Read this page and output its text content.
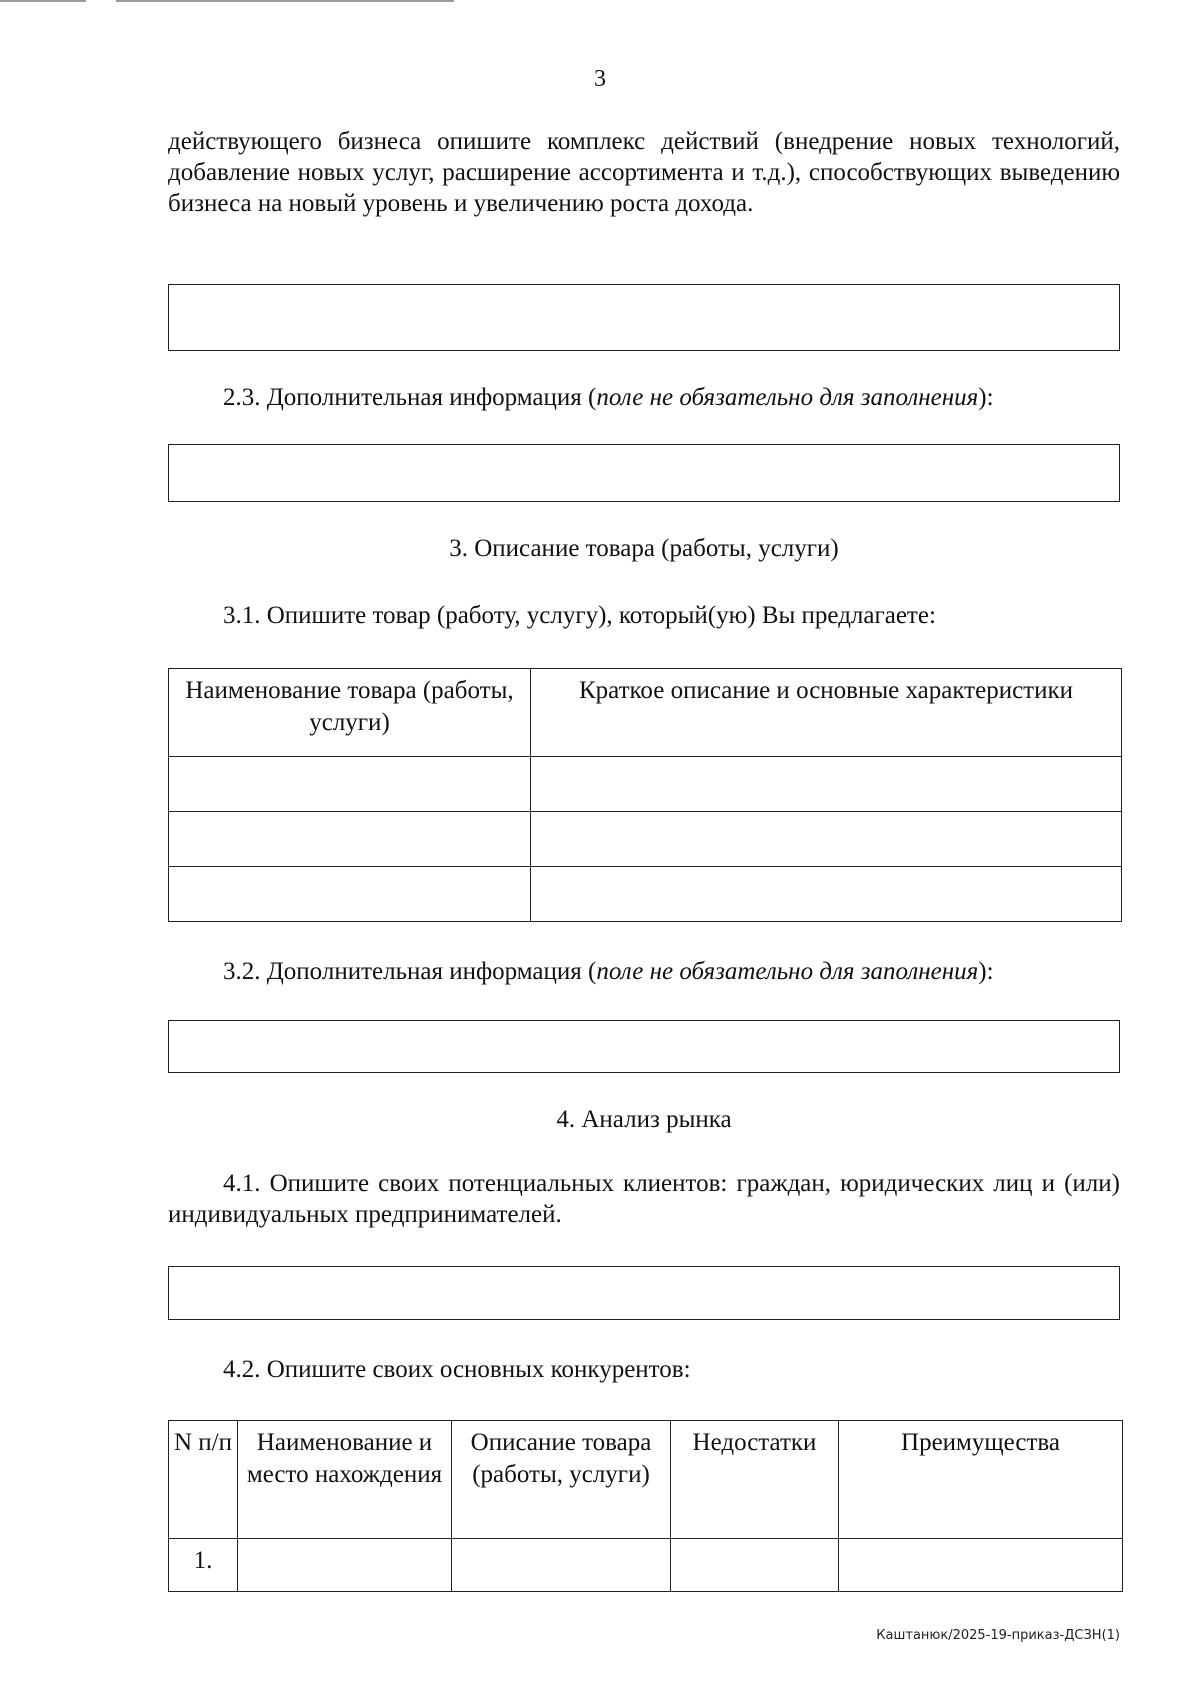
3

действующего бизнеса опишите комплекс действий (внедрение новых технологий, добавление новых услуг, расширение ассортимента и т.д.), способствующих выведению бизнеса на новый уровень и увеличению роста дохода.

2.3. Дополнительная информация (поле не обязательно для заполнения):

3. Описание товара (работы, услуги)

3.1. Опишите товар (работу, услугу), который(ую) Вы предлагаете:

Наименование товара (работы, услуги)	Краткое описание и основные характеристики

3.2. Дополнительная информация (поле не обязательно для заполнения):

4. Анализ рынка

4.1. Опишите своих потенциальных клиентов: граждан, юридических лиц и (или) индивидуальных предпринимателей.

4.2. Опишите своих основных конкурентов:

N п/п	Наименование и место нахождения	Описание товара (работы, услуги)	Недостатки	Преимущества
1.				
Каштанюк/2025-19-приказ-ДСЗН(1)
